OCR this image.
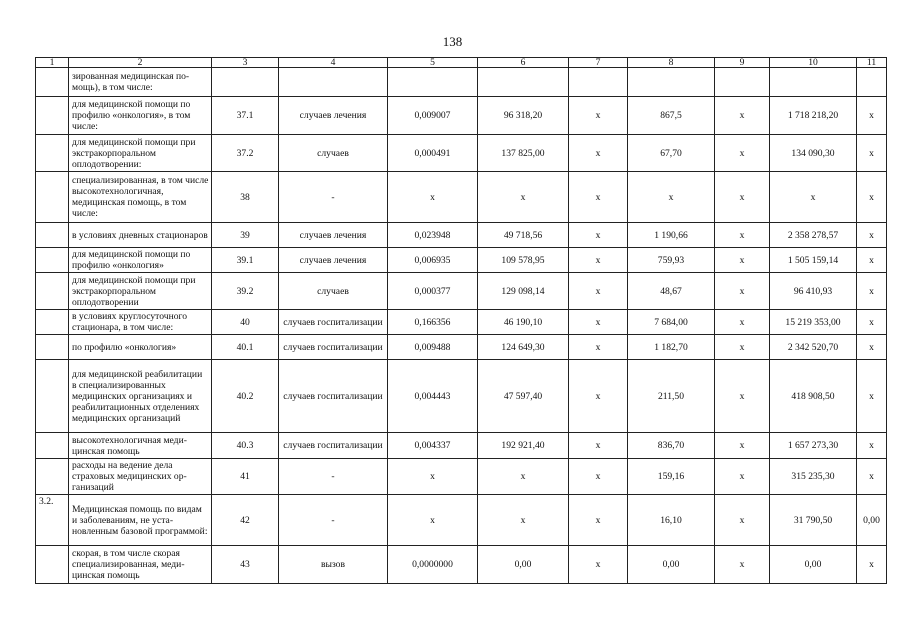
138
1	2	3	4	5	6	7	8	9	10	11
	зированная медицинская помощь), в том числе:									
	для медицинской помощи по профилю «онкология», в том числе:	37.1	случаев лечения	0,009007	96 318,20	х	867,5	х	1 718 218,20	х
	для медицинской помощи при экстракорпоральном оплодотворении:	37.2	случаев	0,000491	137 825,00	х	67,70	х	134 090,30	х
	специализированная, в том числе высокотехнологичная, медицинская помощь, в том числе:	38	-	х	х	х	х	х	х	х
	в условиях дневных стационаров	39	случаев лечения	0,023948	49 718,56	х	1 190,66	х	2 358 278,57	х
	для медицинской помощи по профилю «онкология»	39.1	случаев лечения	0,006935	109 578,95	х	759,93	х	1 505 159,14	х
	для медицинской помощи при экстракорпоральном оплодотворении	39.2	случаев	0,000377	129 098,14	х	48,67	х	96 410,93	х
	в условиях круглосуточного стационара, в том числе:	40	случаев госпитализации	0,166356	46 190,10	х	7 684,00	х	15 219 353,00	х
	по профилю «онкология»	40.1	случаев госпитализации	0,009488	124 649,30	х	1 182,70	х	2 342 520,70	х
	для медицинской реабилитации в специализированных медицинских организациях и реабилитационных отделениях медицинских организаций	40.2	случаев госпитализации	0,004443	47 597,40	х	211,50	х	418 908,50	х
	высокотехнологичная медицинская помощь	40.3	случаев госпитализации	0,004337	192 921,40	х	836,70	х	1 657 273,30	х
	расходы на ведение дела страховых медицинских организаций	41	-	х	х	х	159,16	х	315 235,30	х
3.2.	Медицинская помощь по видам и заболеваниям, не установленным базовой программой:	42	-	х	х	х	16,10	х	31 790,50	0,00
	скорая, в том числе скорая специализированная, медицинская помощь	43	вызов	0,0000000	0,00	х	0,00	х	0,00	х
